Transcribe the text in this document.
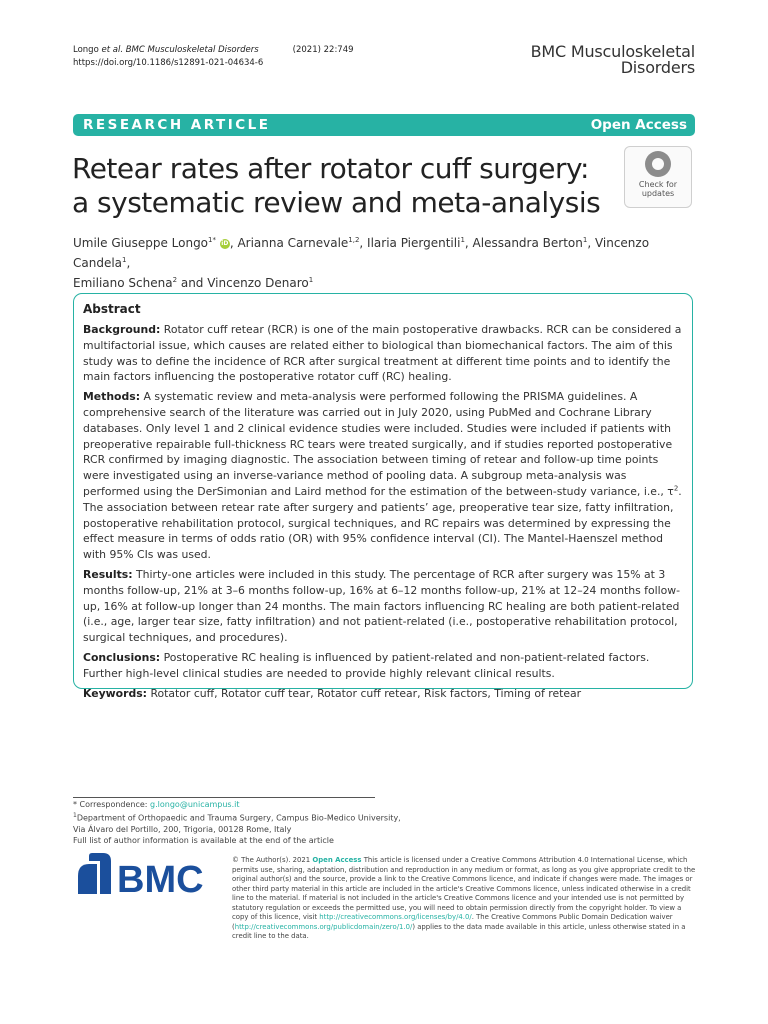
Longo et al. BMC Musculoskeletal Disorders	(2021) 22:749
https://doi.org/10.1186/s12891-021-04634-6
BMC Musculoskeletal
Disorders
RESEARCH ARTICLE	Open Access
Retear rates after rotator cuff surgery: a systematic review and meta-analysis
Check for
updates
Umile Giuseppe Longo$^{1*}$ iD, Arianna Carnevale$^{1,2}$, Ilaria Piergentili$^1$, Alessandra Berton$^1$, Vincenzo Candela$^1$,
Emiliano Schena$^2$ and Vincenzo Denaro$^1$
Abstract

Background: Rotator cuff retear (RCR) is one of the main postoperative drawbacks. RCR can be considered a multifactorial issue, which causes are related either to biological than biomechanical factors. The aim of this study was to define the incidence of RCR after surgical treatment at different time points and to identify the main factors influencing the postoperative rotator cuff (RC) healing.

Methods: A systematic review and meta-analysis were performed following the PRISMA guidelines. A comprehensive search of the literature was carried out in July 2020, using PubMed and Cochrane Library databases. Only level 1 and 2 clinical evidence studies were included. Studies were included if patients with preoperative repairable full-thickness RC tears were treated surgically, and if studies reported postoperative RCR confirmed by imaging diagnostic. The association between timing of retear and follow-up time points were investigated using an inverse-variance method of pooling data. A subgroup meta-analysis was performed using the DerSimonian and Laird method for the estimation of the between-study variance, i.e., $\tau^2$. The association between retear rate after surgery and patients’ age, preoperative tear size, fatty infiltration, postoperative rehabilitation protocol, surgical techniques, and RC repairs was determined by expressing the effect measure in terms of odds ratio (OR) with 95% confidence interval (CI). The Mantel-Haenszel method with 95% CIs was used.

Results: Thirty-one articles were included in this study. The percentage of RCR after surgery was 15% at 3 months follow-up, 21% at 3–6 months follow-up, 16% at 6–12 months follow-up, 21% at 12–24 months follow-up, 16% at follow-up longer than 24 months. The main factors influencing RC healing are both patient-related (i.e., age, larger tear size, fatty infiltration) and not patient-related (i.e., postoperative rehabilitation protocol, surgical techniques, and procedures).

Conclusions: Postoperative RC healing is influenced by patient-related and non-patient-related factors. Further high-level clinical studies are needed to provide highly relevant clinical results.

Keywords: Rotator cuff, Rotator cuff tear, Rotator cuff retear, Risk factors, Timing of retear

* Correspondence: g.longo@unicampus.it
$^1$Department of Orthopaedic and Trauma Surgery, Campus Bio-Medico University, Via Álvaro del Portillo, 200, Trigoria, 00128 Rome, Italy
Full list of author information is available at the end of the article
BMC	© The Author(s). 2021 Open Access This article is licensed under a Creative Commons Attribution 4.0 International License, which permits use, sharing, adaptation, distribution and reproduction in any medium or format, as long as you give appropriate credit to the original author(s) and the source, provide a link to the Creative Commons licence, and indicate if changes were made. The images or other third party material in this article are included in the article's Creative Commons licence, unless indicated otherwise in a credit line to the material. If material is not included in the article's Creative Commons licence and your intended use is not permitted by statutory regulation or exceeds the permitted use, you will need to obtain permission directly from the copyright holder. To view a copy of this licence, visit http://creativecommons.org/licenses/by/4.0/. The Creative Commons Public Domain Dedication waiver (http://creativecommons.org/publicdomain/zero/1.0/) applies to the data made available in this article, unless otherwise stated in a credit line to the data.
